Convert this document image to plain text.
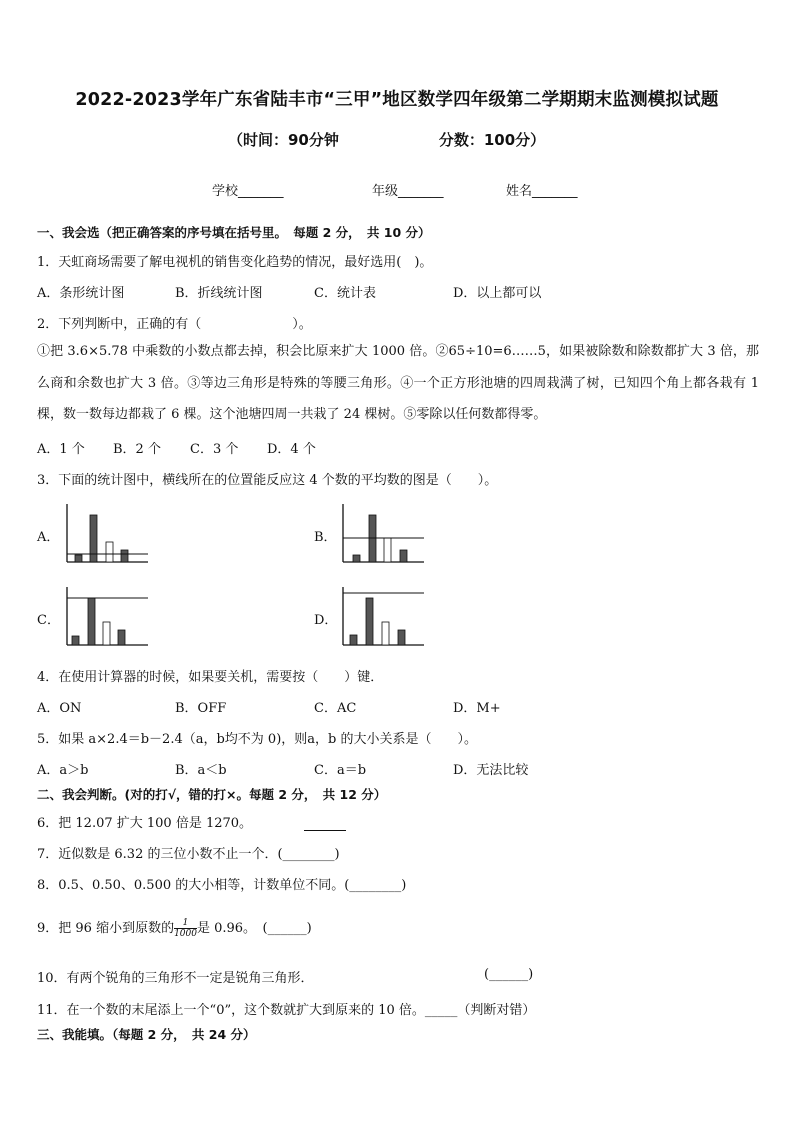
2022-2023学年广东省陆丰市“三甲”地区数学四年级第二学期期末监测模拟试题
（时间：90分钟	分数：100分）
学校_______	年级_______	姓名_______
一、我会选（把正确答案的序号填在括号里。　每题 2 分，　共 10 分）
1．天虹商场需要了解电视机的销售变化趋势的情况，最好选用(　)。
A．条形统计图	B．折线统计图	C．统计表	D．以上都可以
2．下列判断中，正确的有（　　　　　　　）。
①把 3.6×5.78 中乘数的小数点都去掉，积会比原来扩大 1000 倍。②65÷10=6……5，如果被除数和除数都扩大 3 倍，那么商和余数也扩大 3 倍。③等边三角形是特殊的等腰三角形。④一个正方形池塘的四周栽满了树，已知四个角上都各栽有 1 棵，数一数每边都栽了 6 棵。这个池塘四周一共栽了 24 棵树。⑤零除以任何数都得零。
A．1 个 B．2 个 C．3 个 D．4 个
3．下面的统计图中，横线所在的位置能反应这 4 个数的平均数的图是（　　）。
A．	B．
C．	D．
4．在使用计算器的时候，如果要关机，需要按（　　）键．
A．ON	B．OFF	C．AC	D．M+
5．如果 a×2.4＝b－2.4（a，b均不为 0)，则a，b 的大小关系是（　　）。
A．a＞b	B．a＜b	C．a＝b	D．无法比较
二、我会判断。(对的打√，错的打×。每题 2 分，　共 12 分）
6．把 12.07 扩大 100 倍是 1270。
7．近似数是 6.32 的三位小数不止一个．(________)
8．0.5、0.50、0.500 的大小相等，计数单位不同。(________)
9．把 96 缩小到原数的 $\frac{1}{1000}$ 是 0.96。　(______)
10．有两个锐角的三角形不一定是锐角三角形．	(______)
11．在一个数的末尾添上一个“0”，这个数就扩大到原来的 10 倍。_____（判断对错）
三、我能填。（每题 2 分，　共 24 分）
